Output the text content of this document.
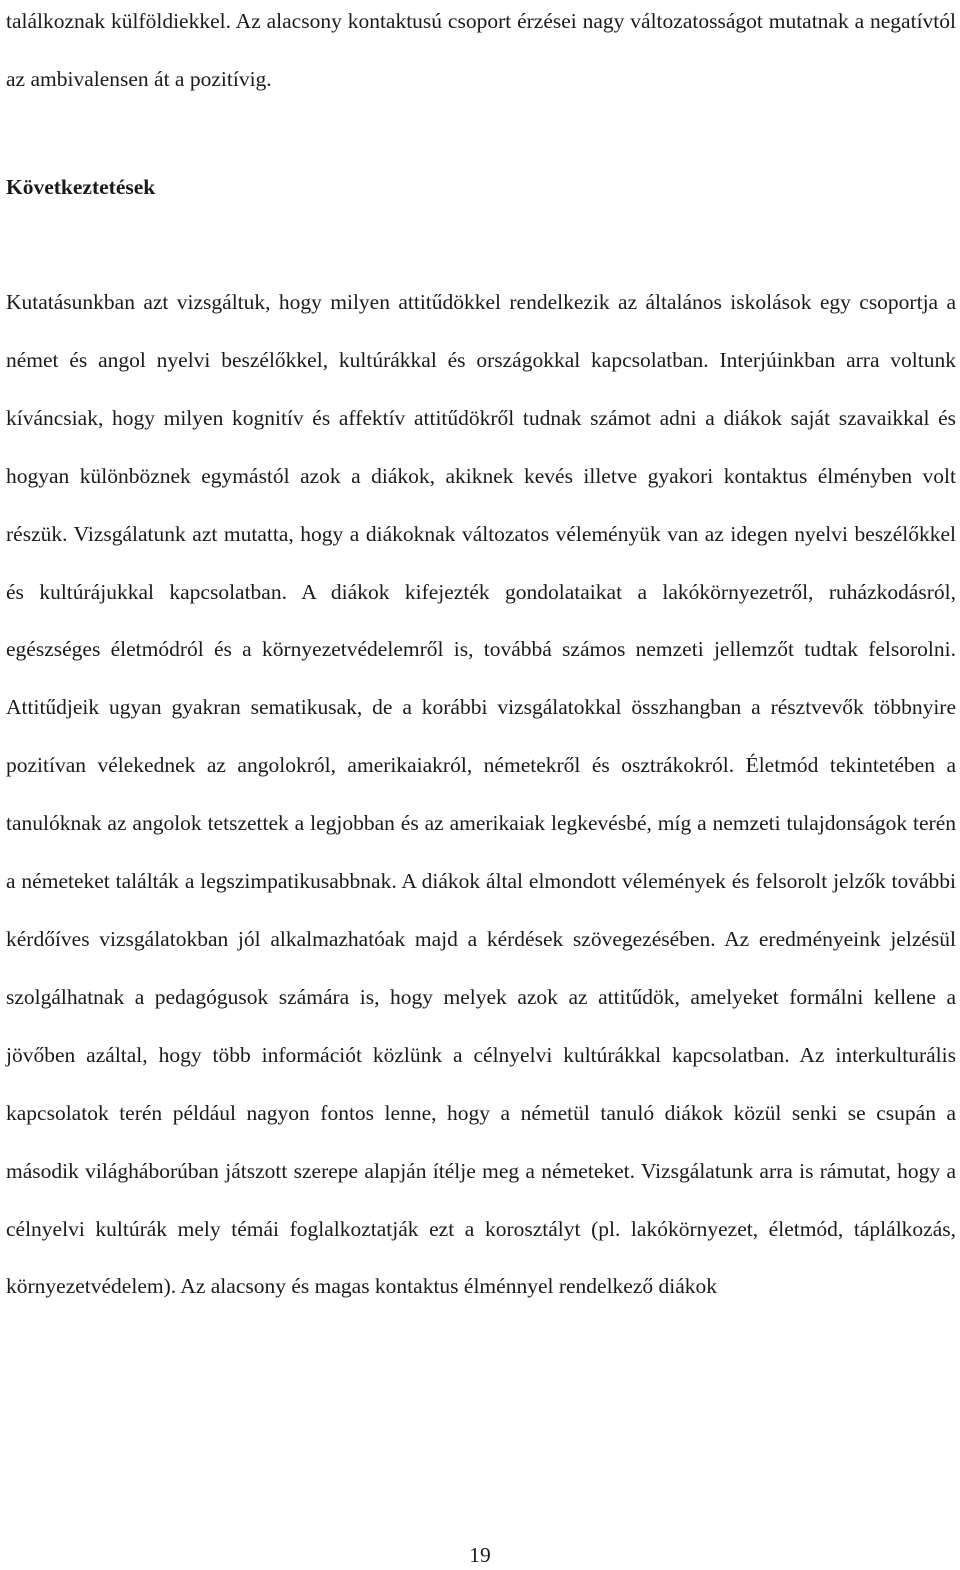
találkoznak külföldiekkel. Az alacsony kontaktusú csoport érzései nagy változatosságot mutatnak a negatívtól az ambivalensen át a pozitívig.

Következtetések

Kutatásunkban azt vizsgáltuk, hogy milyen attitűdökkel rendelkezik az általános iskolások egy csoportja a német és angol nyelvi beszélőkkel, kultúrákkal és országokkal kapcsolatban. Interjúinkban arra voltunk kíváncsiak, hogy milyen kognitív és affektív attitűdökről tudnak számot adni a diákok saját szavaikkal és hogyan különböznek egymástól azok a diákok, akiknek kevés illetve gyakori kontaktus élményben volt részük. Vizsgálatunk azt mutatta, hogy a diákoknak változatos véleményük van az idegen nyelvi beszélőkkel és kultúrájukkal kapcsolatban. A diákok kifejezték gondolataikat a lakókörnyezetről, ruházkodásról, egészséges életmódról és a környezetvédelemről is, továbbá számos nemzeti jellemzőt tudtak felsorolni. Attitűdjeik ugyan gyakran sematikusak, de a korábbi vizsgálatokkal összhangban a résztvevők többnyire pozitívan vélekednek az angolokról, amerikaiakról, németekről és osztrákokról. Életmód tekintetében a tanulóknak az angolok tetszettek a legjobban és az amerikaiak legkevésbé, míg a nemzeti tulajdonságok terén a németeket találták a legszimpatikusabbnak. A diákok által elmondott vélemények és felsorolt jelzők további kérdőíves vizsgálatokban jól alkalmazhatóak majd a kérdések szövegezésében. Az eredményeink jelzésül szolgálhatnak a pedagógusok számára is, hogy melyek azok az attitűdök, amelyeket formálni kellene a jövőben azáltal, hogy több információt közlünk a célnyelvi kultúrákkal kapcsolatban. Az interkulturális kapcsolatok terén például nagyon fontos lenne, hogy a németül tanuló diákok közül senki se csupán a második világháborúban játszott szerepe alapján ítélje meg a németeket. Vizsgálatunk arra is rámutat, hogy a célnyelvi kultúrák mely témái foglalkoztatják ezt a korosztályt (pl. lakókörnyezet, életmód, táplálkozás, környezetvédelem). Az alacsony és magas kontaktus élménnyel rendelkező diákok

19
